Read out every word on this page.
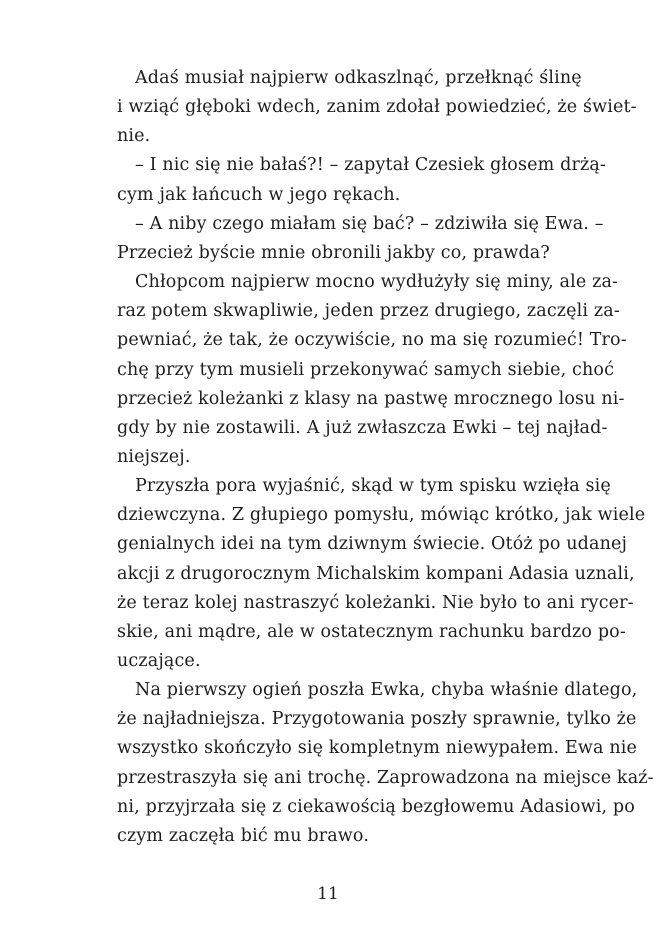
Adaś musiał najpierw odkaszlnąć, przełknąć ślinę
i wziąć głęboki wdech, zanim zdołał powiedzieć, że świet-
nie.
– I nic się nie bałaś?! – zapytał Czesiek głosem drżą-
cym jak łańcuch w jego rękach.
– A niby czego miałam się bać? – zdziwiła się Ewa. –
Przecież byście mnie obronili jakby co, prawda?
Chłopcom najpierw mocno wydłużyły się miny, ale za-
raz potem skwapliwie, jeden przez drugiego, zaczęli za-
pewniać, że tak, że oczywiście, no ma się rozumieć! Tro-
chę przy tym musieli przekonywać samych siebie, choć
przecież koleżanki z klasy na pastwę mrocznego losu ni-
gdy by nie zostawili. A już zwłaszcza Ewki – tej najład-
niejszej.
Przyszła pora wyjaśnić, skąd w tym spisku wzięła się
dziewczyna. Z głupiego pomysłu, mówiąc krótko, jak wiele
genialnych idei na tym dziwnym świecie. Otóż po udanej
akcji z drugorocznym Michalskim kompani Adasia uznali,
że teraz kolej nastraszyć koleżanki. Nie było to ani rycer-
skie, ani mądre, ale w ostatecznym rachunku bardzo po-
uczające.
Na pierwszy ogień poszła Ewka, chyba właśnie dlatego,
że najładniejsza. Przygotowania poszły sprawnie, tylko że
wszystko skończyło się kompletnym niewypałem. Ewa nie
przestraszyła się ani trochę. Zaprowadzona na miejsce kaź-
ni, przyjrzała się z ciekawością bezgłowemu Adasiowi, po
czym zaczęła bić mu brawo.
11
